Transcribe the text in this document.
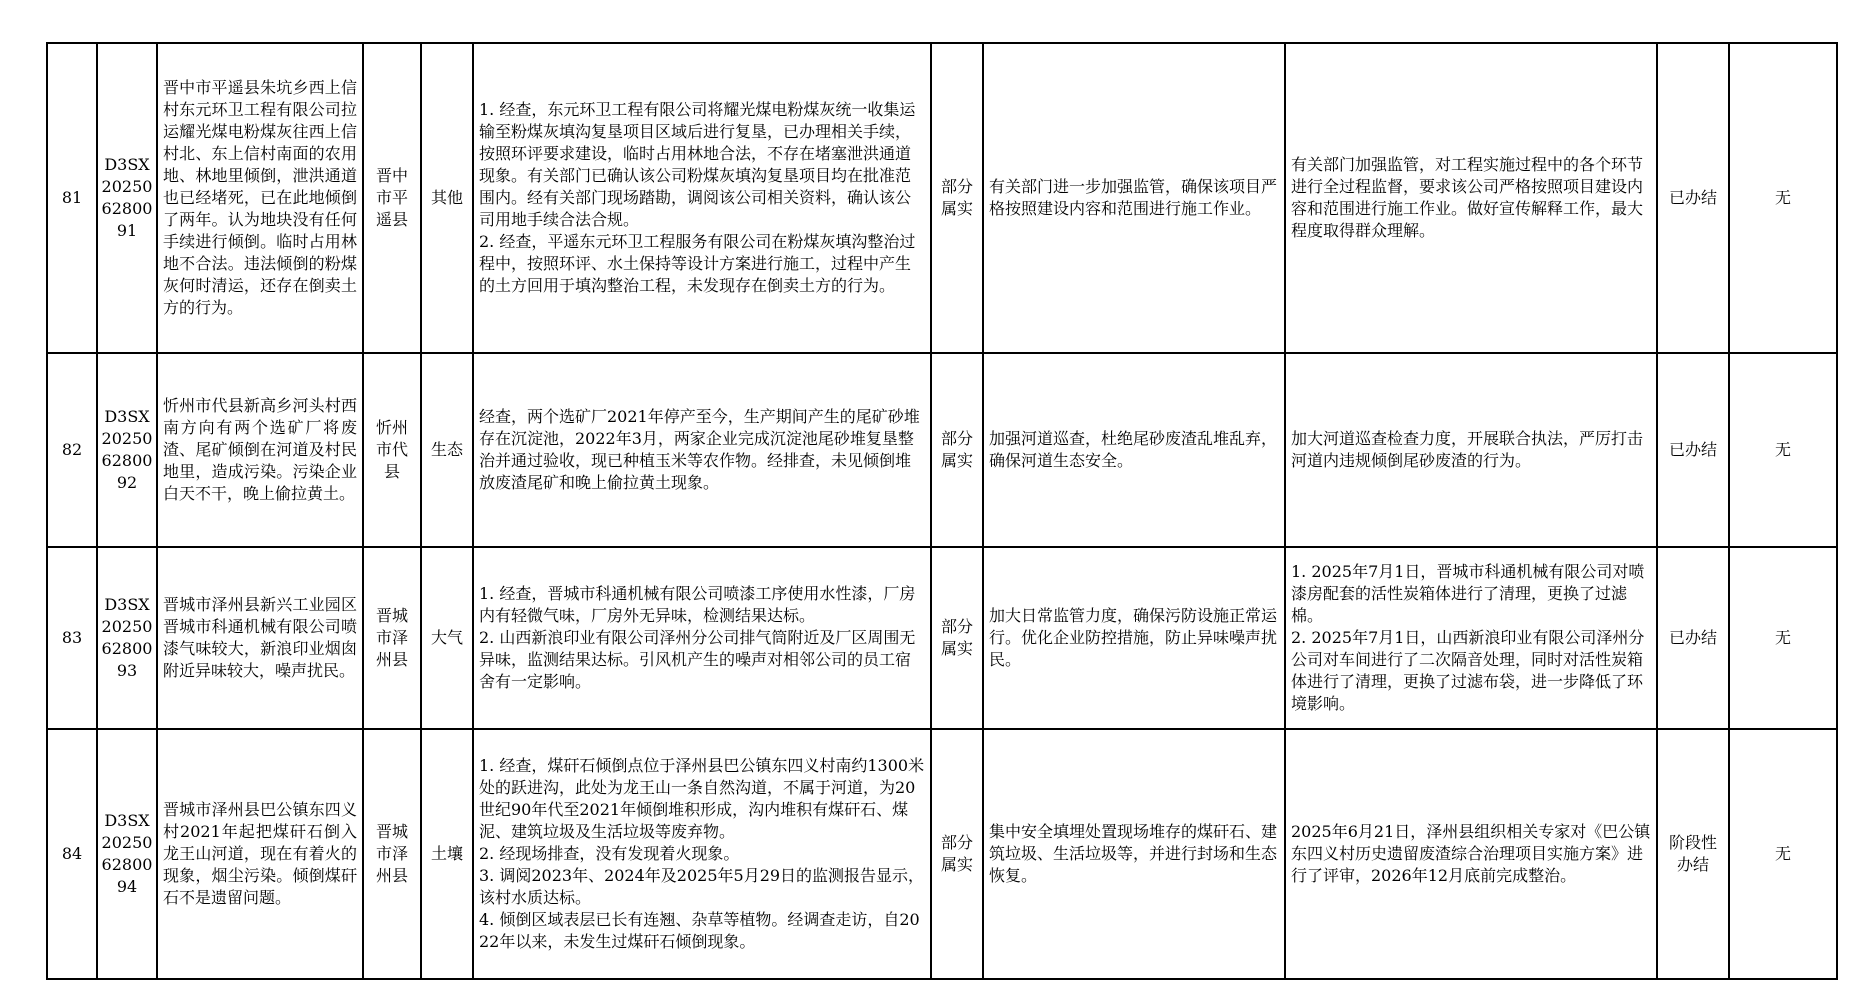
81	D3SX202506280091	晋中市平遥县朱坑乡西上信村东元环卫工程有限公司拉运耀光煤电粉煤灰往西上信村北、东上信村南面的农用地、林地里倾倒，泄洪通道也已经堵死，已在此地倾倒了两年。认为地块没有任何手续进行倾倒。临时占用林地不合法。违法倾倒的粉煤灰何时清运，还存在倒卖土方的行为。	晋中市平遥县	其他	1. 经查，东元环卫工程有限公司将耀光煤电粉煤灰统一收集运输至粉煤灰填沟复垦项目区域后进行复垦，已办理相关手续，按照环评要求建设，临时占用林地合法，不存在堵塞泄洪通道现象。有关部门已确认该公司粉煤灰填沟复垦项目均在批准范围内。经有关部门现场踏勘，调阅该公司相关资料，确认该公司用地手续合法合规。
2. 经查，平遥东元环卫工程服务有限公司在粉煤灰填沟整治过程中，按照环评、水土保持等设计方案进行施工，过程中产生的土方回用于填沟整治工程，未发现存在倒卖土方的行为。	部分属实	有关部门进一步加强监管，确保该项目严格按照建设内容和范围进行施工作业。	有关部门加强监管，对工程实施过程中的各个环节进行全过程监督，要求该公司严格按照项目建设内容和范围进行施工作业。做好宣传解释工作，最大程度取得群众理解。	已办结	无
82	D3SX202506280092	忻州市代县新高乡河头村西南方向有两个选矿厂将废渣、尾矿倾倒在河道及村民地里，造成污染。污染企业白天不干，晚上偷拉黄土。	忻州市代县	生态	经查，两个选矿厂2021年停产至今，生产期间产生的尾矿砂堆存在沉淀池，2022年3月，两家企业完成沉淀池尾砂堆复垦整治并通过验收，现已种植玉米等农作物。经排查，未见倾倒堆放废渣尾矿和晚上偷拉黄土现象。	部分属实	加强河道巡查，杜绝尾砂废渣乱堆乱弃，确保河道生态安全。	加大河道巡查检查力度，开展联合执法，严厉打击河道内违规倾倒尾砂废渣的行为。	已办结	无
83	D3SX202506280093	晋城市泽州县新兴工业园区晋城市科通机械有限公司喷漆气味较大，新浪印业烟囱附近异味较大，噪声扰民。	晋城市泽州县	大气	1. 经查，晋城市科通机械有限公司喷漆工序使用水性漆，厂房内有轻微气味，厂房外无异味，检测结果达标。
2. 山西新浪印业有限公司泽州分公司排气筒附近及厂区周围无异味，监测结果达标。引风机产生的噪声对相邻公司的员工宿舍有一定影响。	部分属实	加大日常监管力度，确保污防设施正常运行。优化企业防控措施，防止异味噪声扰民。	1. 2025年7月1日，晋城市科通机械有限公司对喷漆房配套的活性炭箱体进行了清理，更换了过滤棉。
2. 2025年7月1日，山西新浪印业有限公司泽州分公司对车间进行了二次隔音处理，同时对活性炭箱体进行了清理，更换了过滤布袋，进一步降低了环境影响。	已办结	无
84	D3SX202506280094	晋城市泽州县巴公镇东四义村2021年起把煤矸石倒入龙王山河道，现在有着火的现象，烟尘污染。倾倒煤矸石不是遗留问题。	晋城市泽州县	土壤	1. 经查，煤矸石倾倒点位于泽州县巴公镇东四义村南约1300米处的跃进沟，此处为龙王山一条自然沟道，不属于河道，为20世纪90年代至2021年倾倒堆积形成，沟内堆积有煤矸石、煤泥、建筑垃圾及生活垃圾等废弃物。
2. 经现场排查，没有发现着火现象。
3. 调阅2023年、2024年及2025年5月29日的监测报告显示，该村水质达标。
4. 倾倒区域表层已长有连翘、杂草等植物。经调查走访，自2022年以来，未发生过煤矸石倾倒现象。	部分属实	集中安全填埋处置现场堆存的煤矸石、建筑垃圾、生活垃圾等，并进行封场和生态恢复。	2025年6月21日，泽州县组织相关专家对《巴公镇东四义村历史遗留废渣综合治理项目实施方案》进行了评审，2026年12月底前完成整治。	阶段性办结	无
